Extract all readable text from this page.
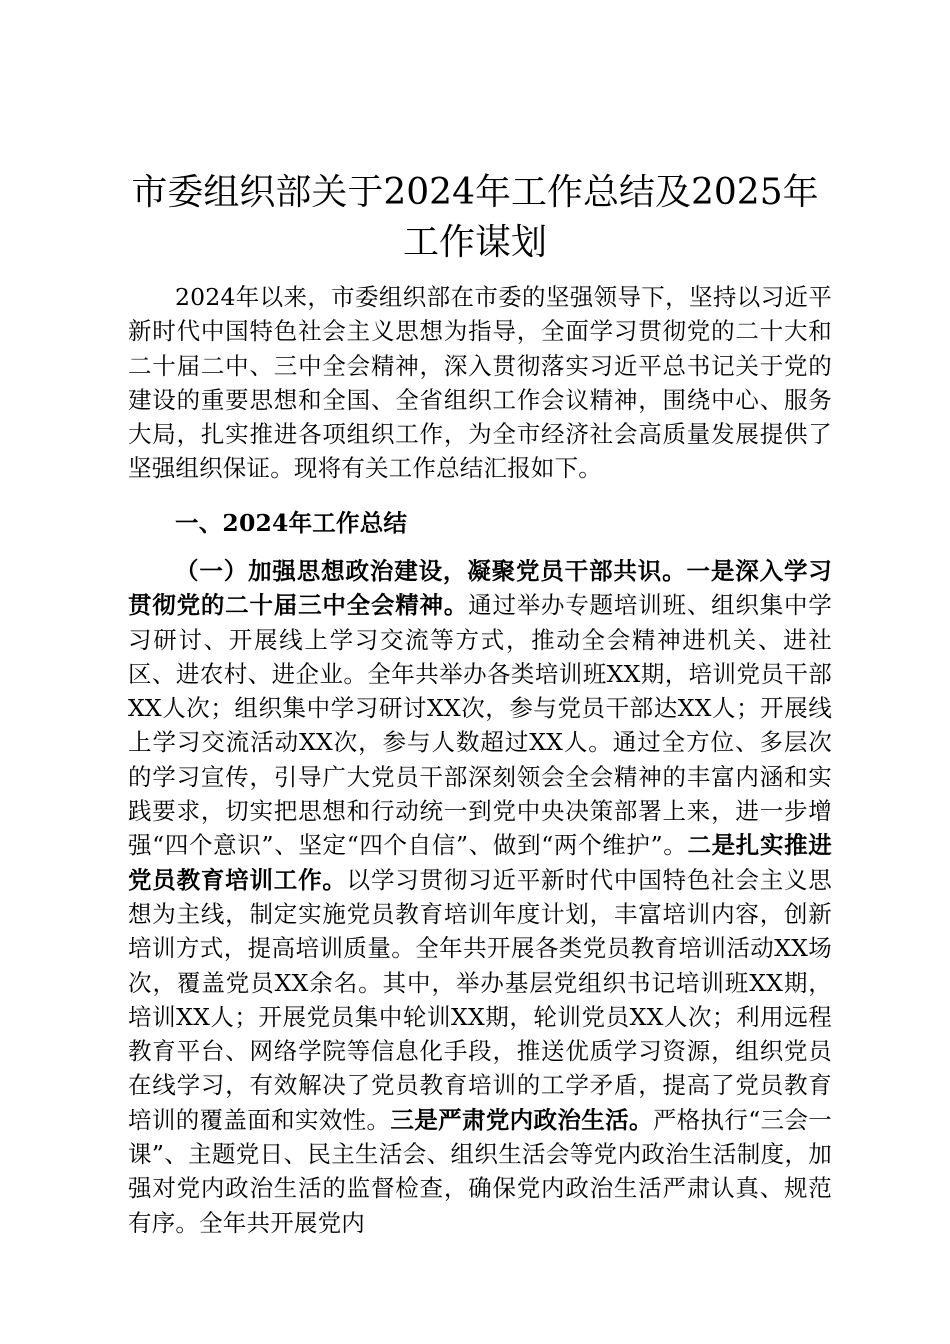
市委组织部关于2024年工作总结及2025年工作谋划

2024年以来，市委组织部在市委的坚强领导下，坚持以习近平新时代中国特色社会主义思想为指导，全面学习贯彻党的二十大和二十届二中、三中全会精神，深入贯彻落实习近平总书记关于党的建设的重要思想和全国、全省组织工作会议精神，围绕中心、服务大局，扎实推进各项组织工作，为全市经济社会高质量发展提供了坚强组织保证。现将有关工作总结汇报如下。

一、2024年工作总结

（一）加强思想政治建设，凝聚党员干部共识。一是深入学习贯彻党的二十届三中全会精神。通过举办专题培训班、组织集中学习研讨、开展线上学习交流等方式，推动全会精神进机关、进社区、进农村、进企业。全年共举办各类培训班XX期，培训党员干部XX人次；组织集中学习研讨XX次，参与党员干部达XX人；开展线上学习交流活动XX次，参与人数超过XX人。通过全方位、多层次的学习宣传，引导广大党员干部深刻领会全会精神的丰富内涵和实践要求，切实把思想和行动统一到党中央决策部署上来，进一步增强“四个意识”、坚定“四个自信”、做到“两个维护”。二是扎实推进党员教育培训工作。以学习贯彻习近平新时代中国特色社会主义思想为主线，制定实施党员教育培训年度计划，丰富培训内容，创新培训方式，提高培训质量。全年共开展各类党员教育培训活动XX场次，覆盖党员XX余名。其中，举办基层党组织书记培训班XX期，培训XX人；开展党员集中轮训XX期，轮训党员XX人次；利用远程教育平台、网络学院等信息化手段，推送优质学习资源，组织党员在线学习，有效解决了党员教育培训的工学矛盾，提高了党员教育培训的覆盖面和实效性。三是严肃党内政治生活。严格执行“三会一课”、主题党日、民主生活会、组织生活会等党内政治生活制度，加强对党内政治生活的监督检查，确保党内政治生活严肃认真、规范有序。全年共开展党内
